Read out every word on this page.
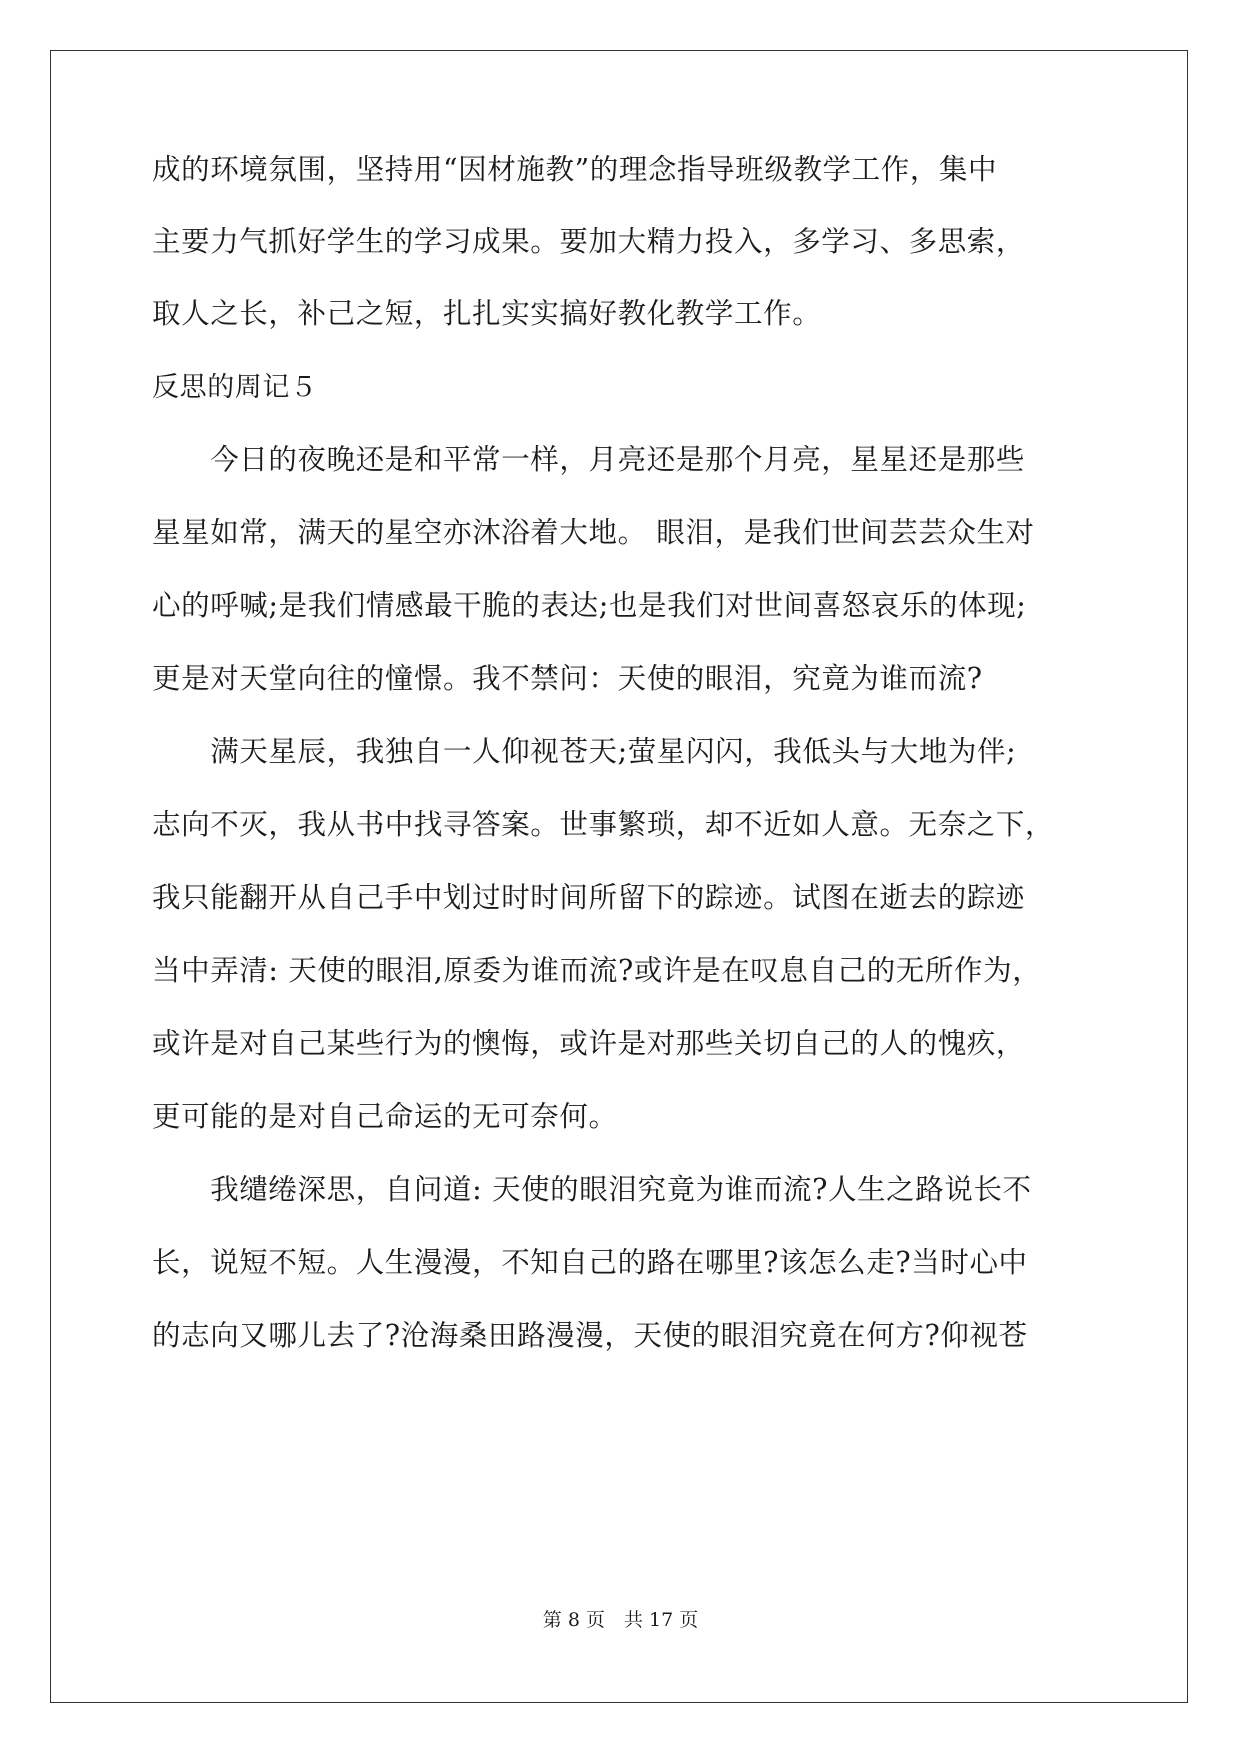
成的环境氛围，坚持用“因材施教”的理念指导班级教学工作，集中
主要力气抓好学生的学习成果。要加大精力投入，多学习、多思索，
取人之长，补己之短，扎扎实实搞好教化教学工作。
反思的周记５
　　今日的夜晚还是和平常一样，月亮还是那个月亮，星星还是那些
星星如常，满天的星空亦沐浴着大地。 眼泪，是我们世间芸芸众生对
心的呼喊;是我们情感最干脆的表达;也是我们对世间喜怒哀乐的体现;
更是对天堂向往的憧憬。我不禁问：天使的眼泪，究竟为谁而流?
　　满天星辰，我独自一人仰视苍天;萤星闪闪，我低头与大地为伴;
志向不灭，我从书中找寻答案。世事繁琐，却不近如人意。无奈之下，
我只能翻开从自己手中划过时时间所留下的踪迹。试图在逝去的踪迹
当中弄清: 天使的眼泪,原委为谁而流?或许是在叹息自己的无所作为，
或许是对自己某些行为的懊悔，或许是对那些关切自己的人的愧疚，
更可能的是对自己命运的无可奈何。
　　我缱绻深思，自问道: 天使的眼泪究竟为谁而流?人生之路说长不
长，说短不短。人生漫漫，不知自己的路在哪里?该怎么走?当时心中
的志向又哪儿去了?沧海桑田路漫漫，天使的眼泪究竟在何方?仰视苍
第 8 页　共 17 页
